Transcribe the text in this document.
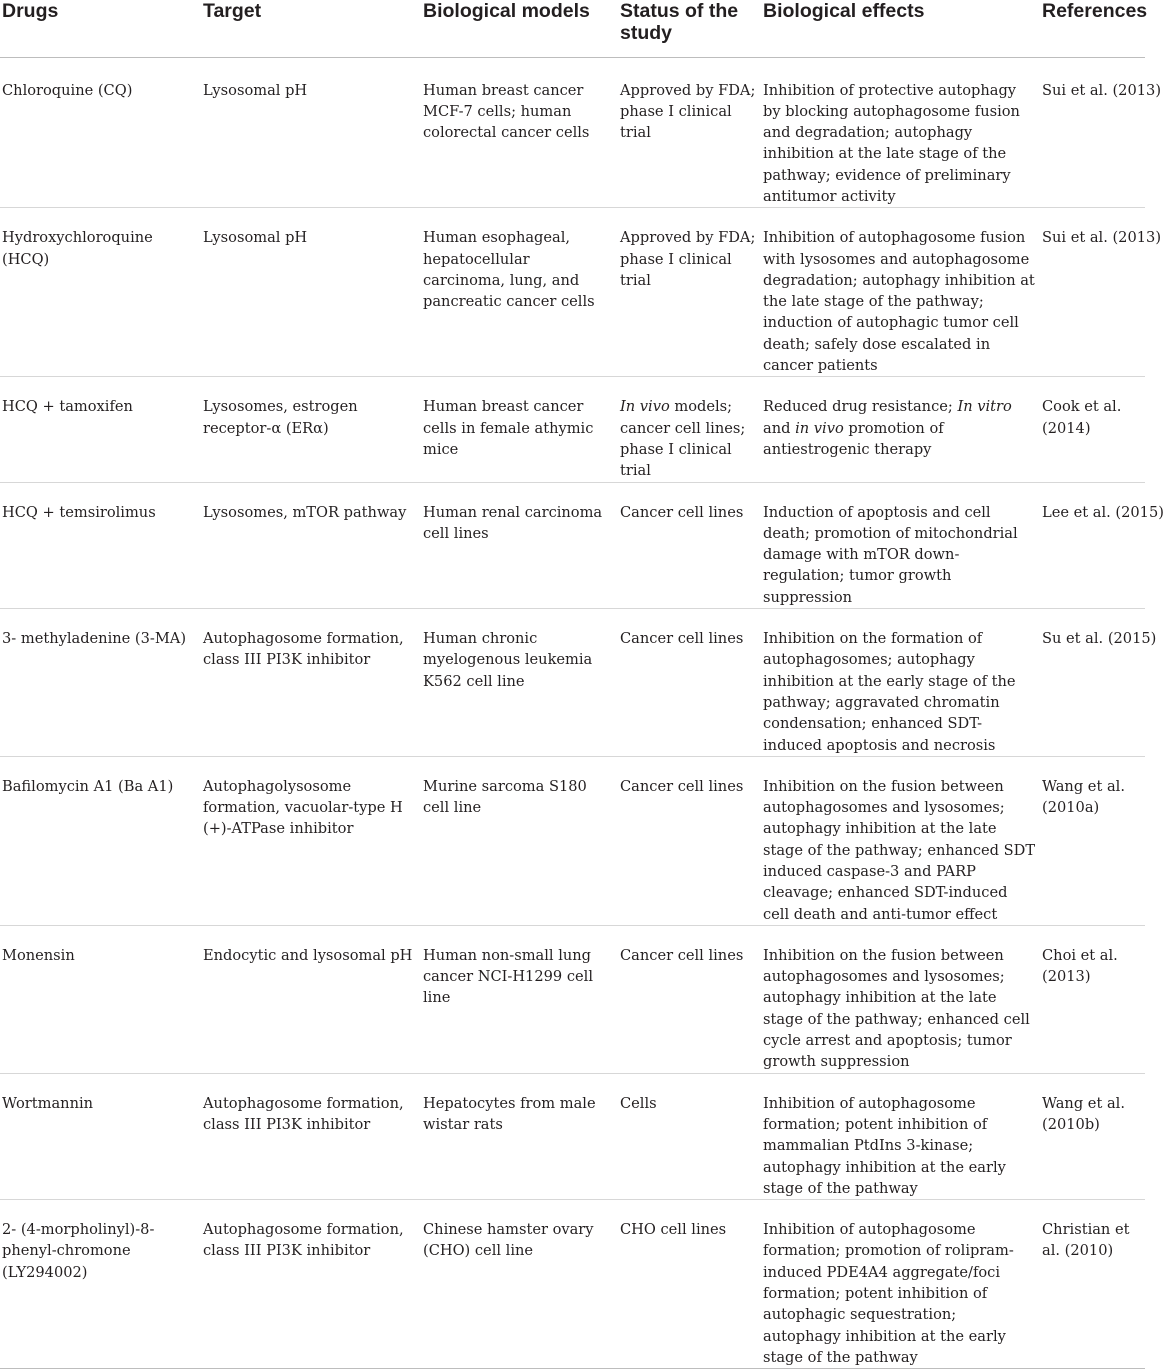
Drugs	Target	Biological models	Status of the study	Biological effects	References
Chloroquine (CQ)	Lysosomal pH	Human breast cancer MCF-7 cells; human colorectal cancer cells	Approved by FDA; phase I clinical trial	Inhibition of protective autophagy by blocking autophagosome fusion and degradation; autophagy inhibition at the late stage of the pathway; evidence of preliminary antitumor activity	Sui et al. (2013)
Hydroxychloroquine (HCQ)	Lysosomal pH	Human esophageal, hepatocellular carcinoma, lung, and pancreatic cancer cells	Approved by FDA; phase I clinical trial	Inhibition of autophagosome fusion with lysosomes and autophagosome degradation; autophagy inhibition at the late stage of the pathway; induction of autophagic tumor cell death; safely dose escalated in cancer patients	Sui et al. (2013)
HCQ + tamoxifen	Lysosomes, estrogen receptor-α (ERα)	Human breast cancer cells in female athymic mice	In vivo models; cancer cell lines; phase I clinical trial	Reduced drug resistance; In vitro and in vivo promotion of antiestrogenic therapy	Cook et al. (2014)
HCQ + temsirolimus	Lysosomes, mTOR pathway	Human renal carcinoma cell lines	Cancer cell lines	Induction of apoptosis and cell death; promotion of mitochondrial damage with mTOR down-regulation; tumor growth suppression	Lee et al. (2015)
3- methyladenine (3-MA)	Autophagosome formation, class III PI3K inhibitor	Human chronic myelogenous leukemia K562 cell line	Cancer cell lines	Inhibition on the formation of autophagosomes; autophagy inhibition at the early stage of the pathway; aggravated chromatin condensation; enhanced SDT-induced apoptosis and necrosis	Su et al. (2015)
Bafilomycin A1 (Ba A1)	Autophagolysosome formation, vacuolar-type H (+)-ATPase inhibitor	Murine sarcoma S180 cell line	Cancer cell lines	Inhibition on the fusion between autophagosomes and lysosomes; autophagy inhibition at the late stage of the pathway; enhanced SDT induced caspase-3 and PARP cleavage; enhanced SDT-induced cell death and anti-tumor effect	Wang et al. (2010a)
Monensin	Endocytic and lysosomal pH	Human non-small lung cancer NCI-H1299 cell line	Cancer cell lines	Inhibition on the fusion between autophagosomes and lysosomes; autophagy inhibition at the late stage of the pathway; enhanced cell cycle arrest and apoptosis; tumor growth suppression	Choi et al. (2013)
Wortmannin	Autophagosome formation, class III PI3K inhibitor	Hepatocytes from male wistar rats	Cells	Inhibition of autophagosome formation; potent inhibition of mammalian PtdIns 3-kinase; autophagy inhibition at the early stage of the pathway	Wang et al. (2010b)
2- (4-morpholinyl)-8-phenyl-chromone (LY294002)	Autophagosome formation, class III PI3K inhibitor	Chinese hamster ovary (CHO) cell line	CHO cell lines	Inhibition of autophagosome formation; promotion of rolipram-induced PDE4A4 aggregate/foci formation; potent inhibition of autophagic sequestration; autophagy inhibition at the early stage of the pathway	Christian et al. (2010)
